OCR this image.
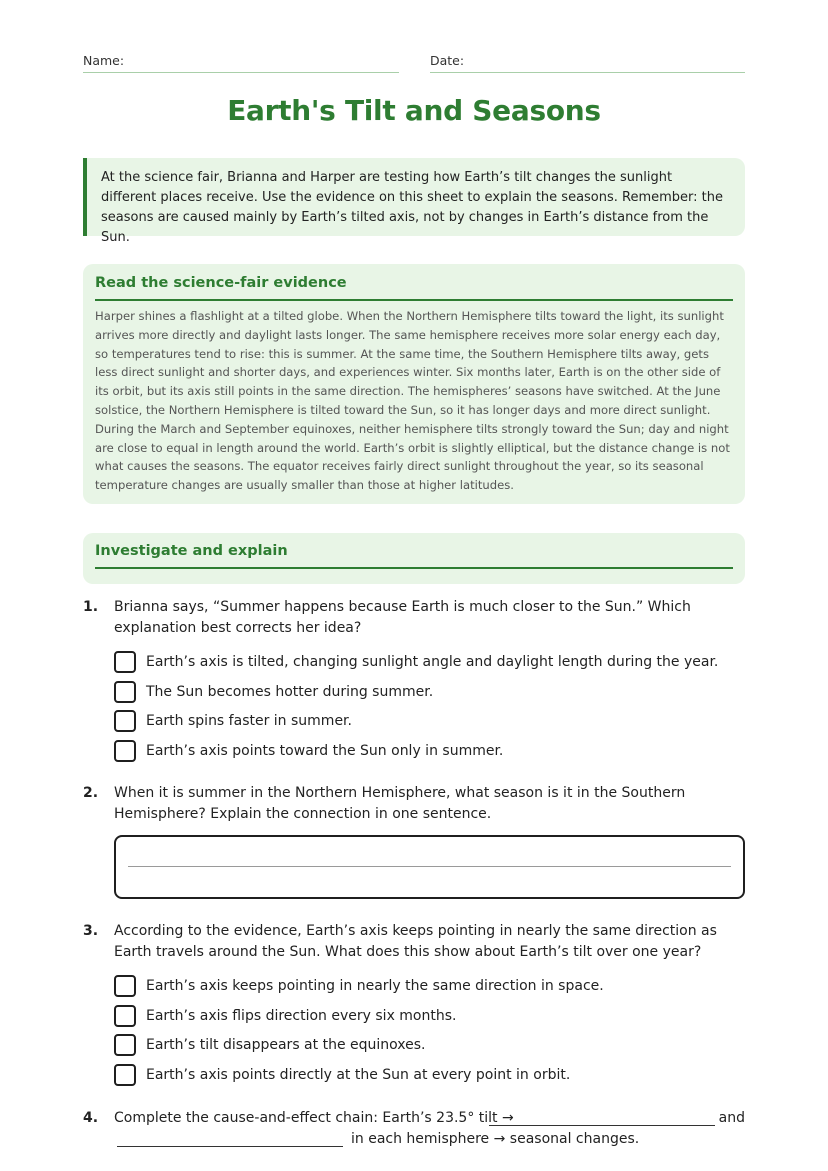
Name:	Date:
Earth's Tilt and Seasons

At the science fair, Brianna and Harper are testing how Earth’s tilt changes the sunlight different places receive. Use the evidence on this sheet to explain the seasons. Remember: the seasons are caused mainly by Earth’s tilted axis, not by changes in Earth’s distance from the Sun.

Read the science-fair evidence

Harper shines a flashlight at a tilted globe. When the Northern Hemisphere tilts toward the light, its sunlight arrives more directly and daylight lasts longer. The same hemisphere receives more solar energy each day, so temperatures tend to rise: this is summer. At the same time, the Southern Hemisphere tilts away, gets less direct sunlight and shorter days, and experiences winter. Six months later, Earth is on the other side of its orbit, but its axis still points in the same direction. The hemispheres’ seasons have switched. At the June solstice, the Northern Hemisphere is tilted toward the Sun, so it has longer days and more direct sunlight. During the March and September equinoxes, neither hemisphere tilts strongly toward the Sun; day and night are close to equal in length around the world. Earth’s orbit is slightly elliptical, but the distance change is not what causes the seasons. The equator receives fairly direct sunlight throughout the year, so its seasonal temperature changes are usually smaller than those at higher latitudes.

Investigate and explain
1. Brianna says, “Summer happens because Earth is much closer to the Sun.” Which explanation best corrects her idea?

Earth’s axis is tilted, changing sunlight angle and daylight length during the year.
The Sun becomes hotter during summer.
Earth spins faster in summer.
Earth’s axis points toward the Sun only in summer.
2. When it is summer in the Northern Hemisphere, what season is it in the Southern Hemisphere? Explain the connection in one sentence.

3. According to the evidence, Earth’s axis keeps pointing in nearly the same direction as Earth travels around the Sun. What does this show about Earth’s tilt over one year?

Earth’s axis keeps pointing in nearly the same direction in space.
Earth’s axis flips direction every six months.
Earth’s tilt disappears at the equinoxes.
Earth’s axis points directly at the Sun at every point in orbit.
4. Complete the cause-and-effect chain: Earth’s 23.5° tilt →	and
in each hemisphere → seasonal changes.
